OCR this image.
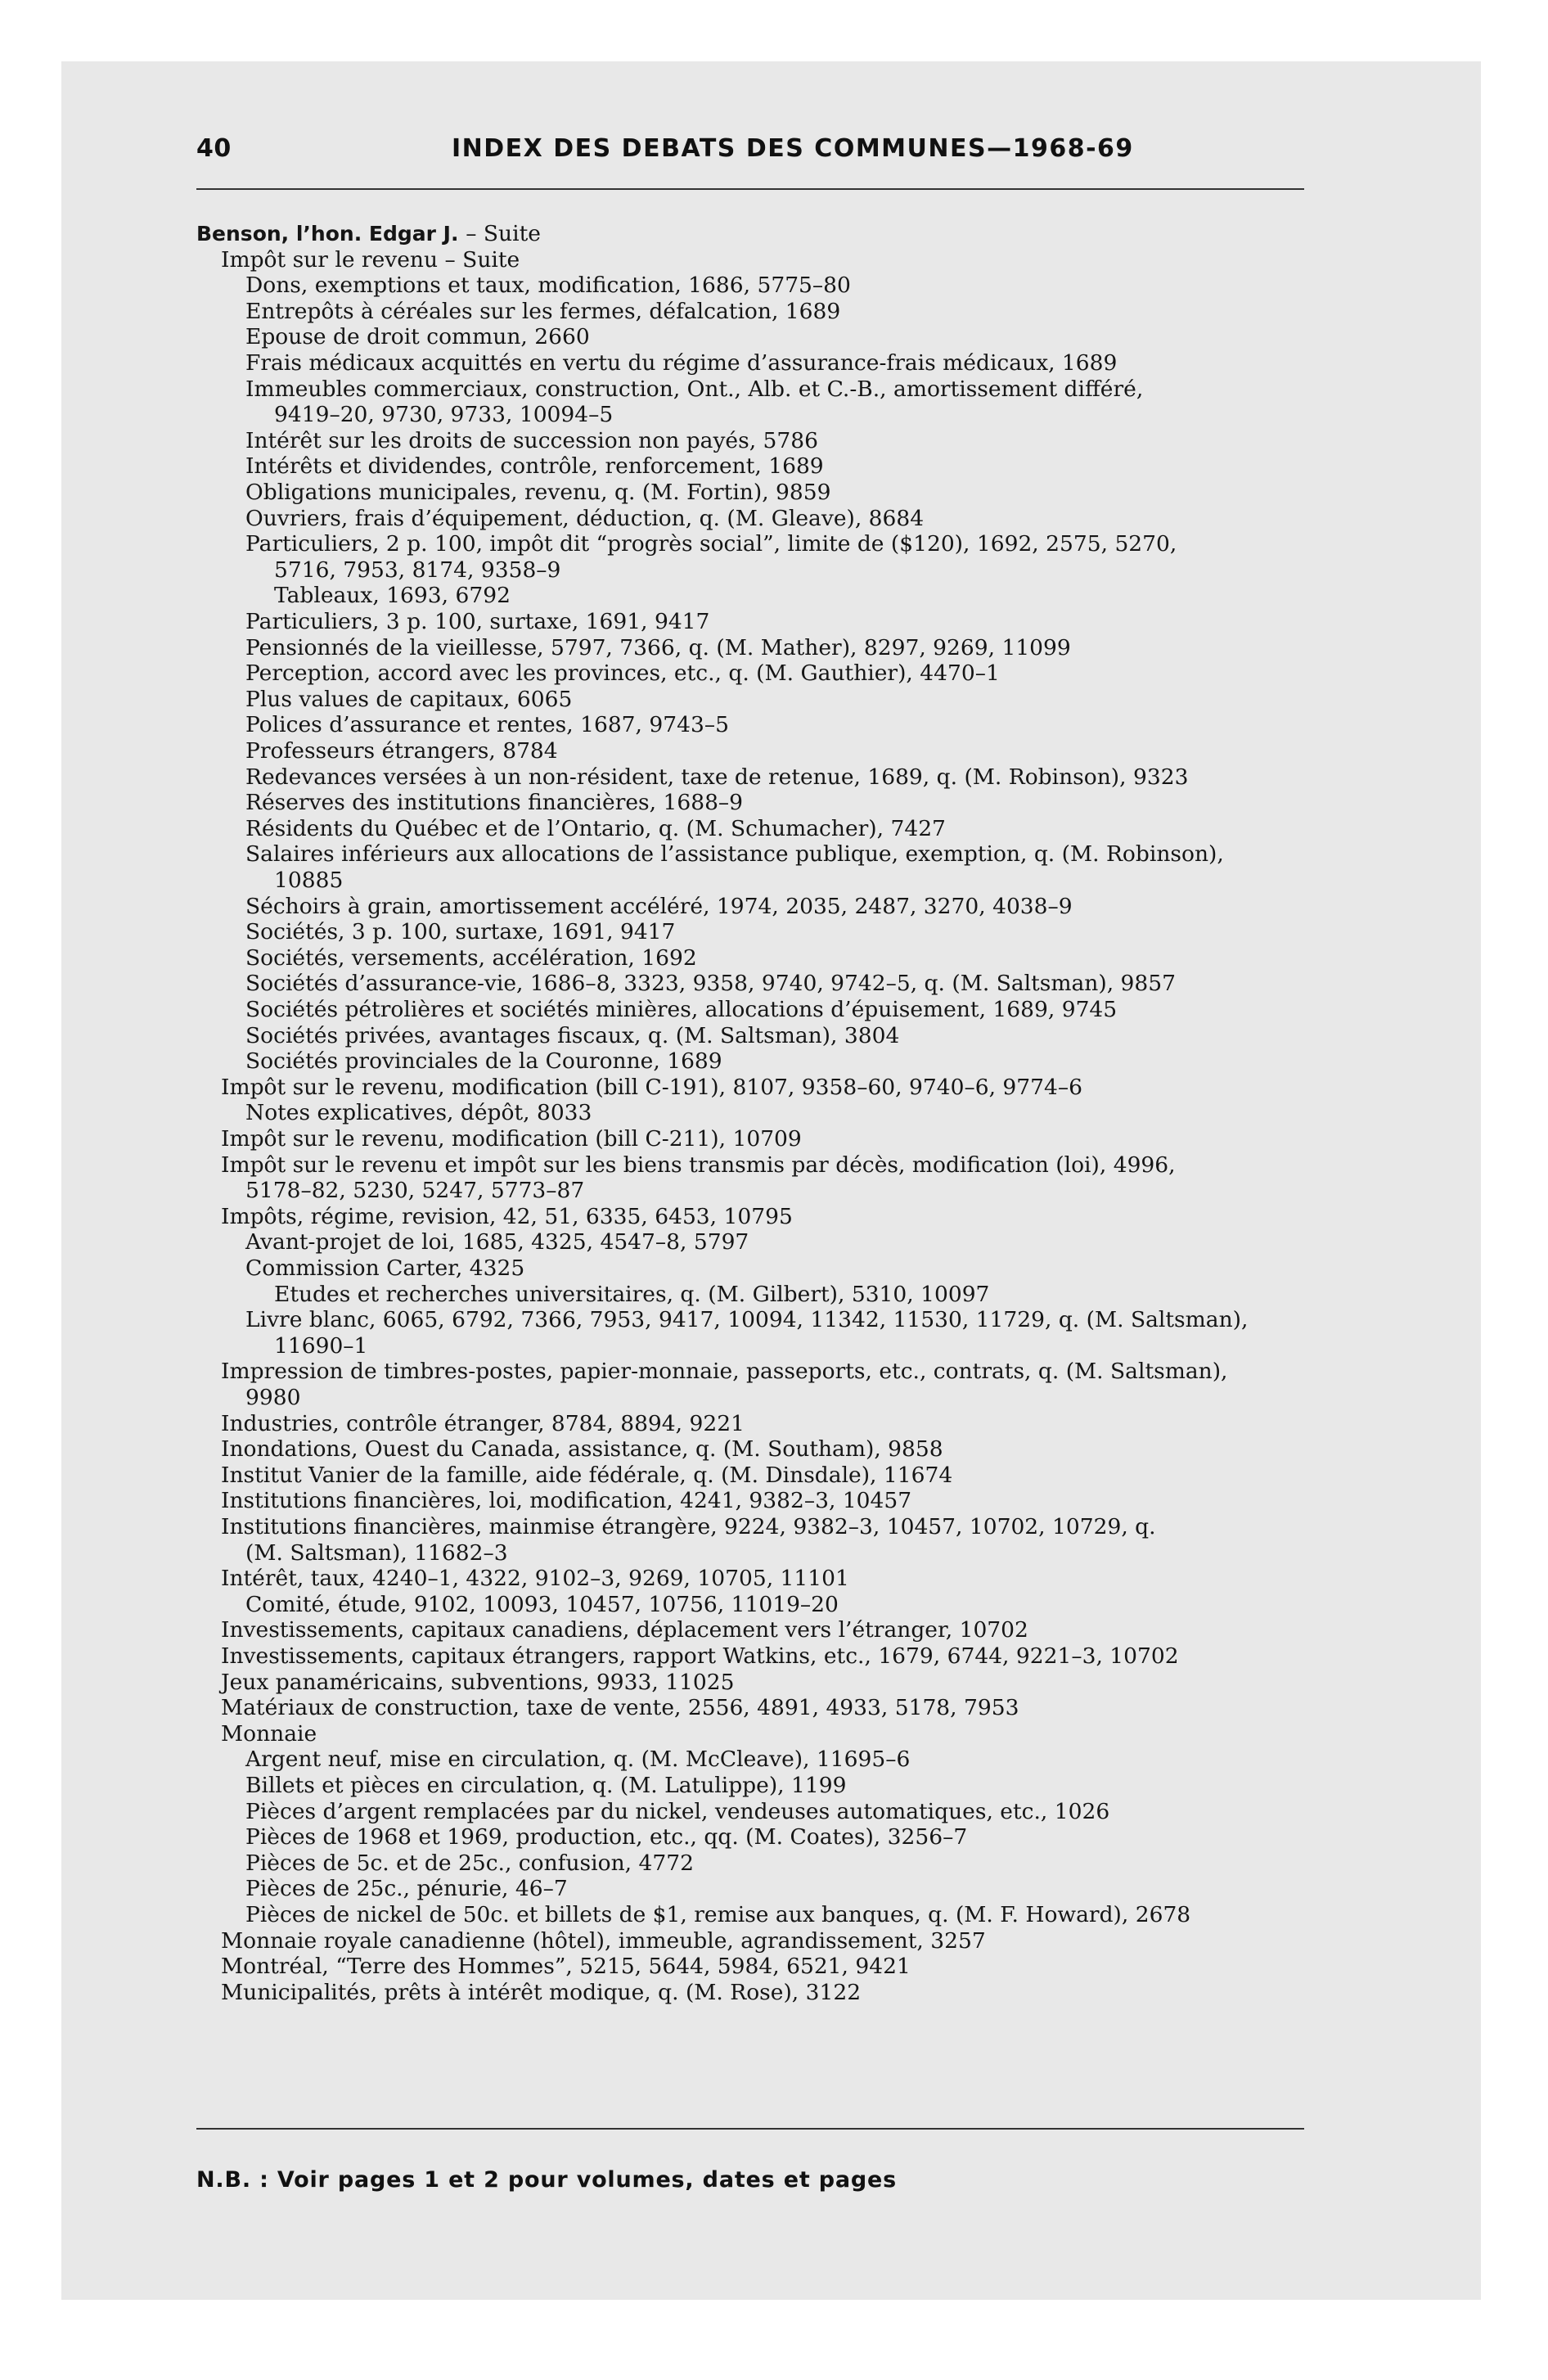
40	INDEX DES DEBATS DES COMMUNES—1968-69
Benson, l’hon. Edgar J. – Suite
Impôt sur le revenu – Suite
Dons, exemptions et taux, modification, 1686, 5775–80
Entrepôts à céréales sur les fermes, défalcation, 1689
Epouse de droit commun, 2660
Frais médicaux acquittés en vertu du régime d’assurance-frais médicaux, 1689
Immeubles commerciaux, construction, Ont., Alb. et C.-B., amortissement différé,
9419–20, 9730, 9733, 10094–5
Intérêt sur les droits de succession non payés, 5786
Intérêts et dividendes, contrôle, renforcement, 1689
Obligations municipales, revenu, q. (M. Fortin), 9859
Ouvriers, frais d’équipement, déduction, q. (M. Gleave), 8684
Particuliers, 2 p. 100, impôt dit “progrès social”, limite de ($120), 1692, 2575, 5270,
5716, 7953, 8174, 9358–9
Tableaux, 1693, 6792
Particuliers, 3 p. 100, surtaxe, 1691, 9417
Pensionnés de la vieillesse, 5797, 7366, q. (M. Mather), 8297, 9269, 11099
Perception, accord avec les provinces, etc., q. (M. Gauthier), 4470–1
Plus values de capitaux, 6065
Polices d’assurance et rentes, 1687, 9743–5
Professeurs étrangers, 8784
Redevances versées à un non-résident, taxe de retenue, 1689, q. (M. Robinson), 9323
Réserves des institutions financières, 1688–9
Résidents du Québec et de l’Ontario, q. (M. Schumacher), 7427
Salaires inférieurs aux allocations de l’assistance publique, exemption, q. (M. Robinson),
10885
Séchoirs à grain, amortissement accéléré, 1974, 2035, 2487, 3270, 4038–9
Sociétés, 3 p. 100, surtaxe, 1691, 9417
Sociétés, versements, accélération, 1692
Sociétés d’assurance-vie, 1686–8, 3323, 9358, 9740, 9742–5, q. (M. Saltsman), 9857
Sociétés pétrolières et sociétés minières, allocations d’épuisement, 1689, 9745
Sociétés privées, avantages fiscaux, q. (M. Saltsman), 3804
Sociétés provinciales de la Couronne, 1689
Impôt sur le revenu, modification (bill C-191), 8107, 9358–60, 9740–6, 9774–6
Notes explicatives, dépôt, 8033
Impôt sur le revenu, modification (bill C-211), 10709
Impôt sur le revenu et impôt sur les biens transmis par décès, modification (loi), 4996,
5178–82, 5230, 5247, 5773–87
Impôts, régime, revision, 42, 51, 6335, 6453, 10795
Avant-projet de loi, 1685, 4325, 4547–8, 5797
Commission Carter, 4325
Etudes et recherches universitaires, q. (M. Gilbert), 5310, 10097
Livre blanc, 6065, 6792, 7366, 7953, 9417, 10094, 11342, 11530, 11729, q. (M. Saltsman),
11690–1
Impression de timbres-postes, papier-monnaie, passeports, etc., contrats, q. (M. Saltsman),
9980
Industries, contrôle étranger, 8784, 8894, 9221
Inondations, Ouest du Canada, assistance, q. (M. Southam), 9858
Institut Vanier de la famille, aide fédérale, q. (M. Dinsdale), 11674
Institutions financières, loi, modification, 4241, 9382–3, 10457
Institutions financières, mainmise étrangère, 9224, 9382–3, 10457, 10702, 10729, q.
(M. Saltsman), 11682–3
Intérêt, taux, 4240–1, 4322, 9102–3, 9269, 10705, 11101
Comité, étude, 9102, 10093, 10457, 10756, 11019–20
Investissements, capitaux canadiens, déplacement vers l’étranger, 10702
Investissements, capitaux étrangers, rapport Watkins, etc., 1679, 6744, 9221–3, 10702
Jeux panaméricains, subventions, 9933, 11025
Matériaux de construction, taxe de vente, 2556, 4891, 4933, 5178, 7953
Monnaie
Argent neuf, mise en circulation, q. (M. McCleave), 11695–6
Billets et pièces en circulation, q. (M. Latulippe), 1199
Pièces d’argent remplacées par du nickel, vendeuses automatiques, etc., 1026
Pièces de 1968 et 1969, production, etc., qq. (M. Coates), 3256–7
Pièces de 5c. et de 25c., confusion, 4772
Pièces de 25c., pénurie, 46–7
Pièces de nickel de 50c. et billets de $1, remise aux banques, q. (M. F. Howard), 2678
Monnaie royale canadienne (hôtel), immeuble, agrandissement, 3257
Montréal, “Terre des Hommes”, 5215, 5644, 5984, 6521, 9421
Municipalités, prêts à intérêt modique, q. (M. Rose), 3122
N.B. : Voir pages 1 et 2 pour volumes, dates et pages
